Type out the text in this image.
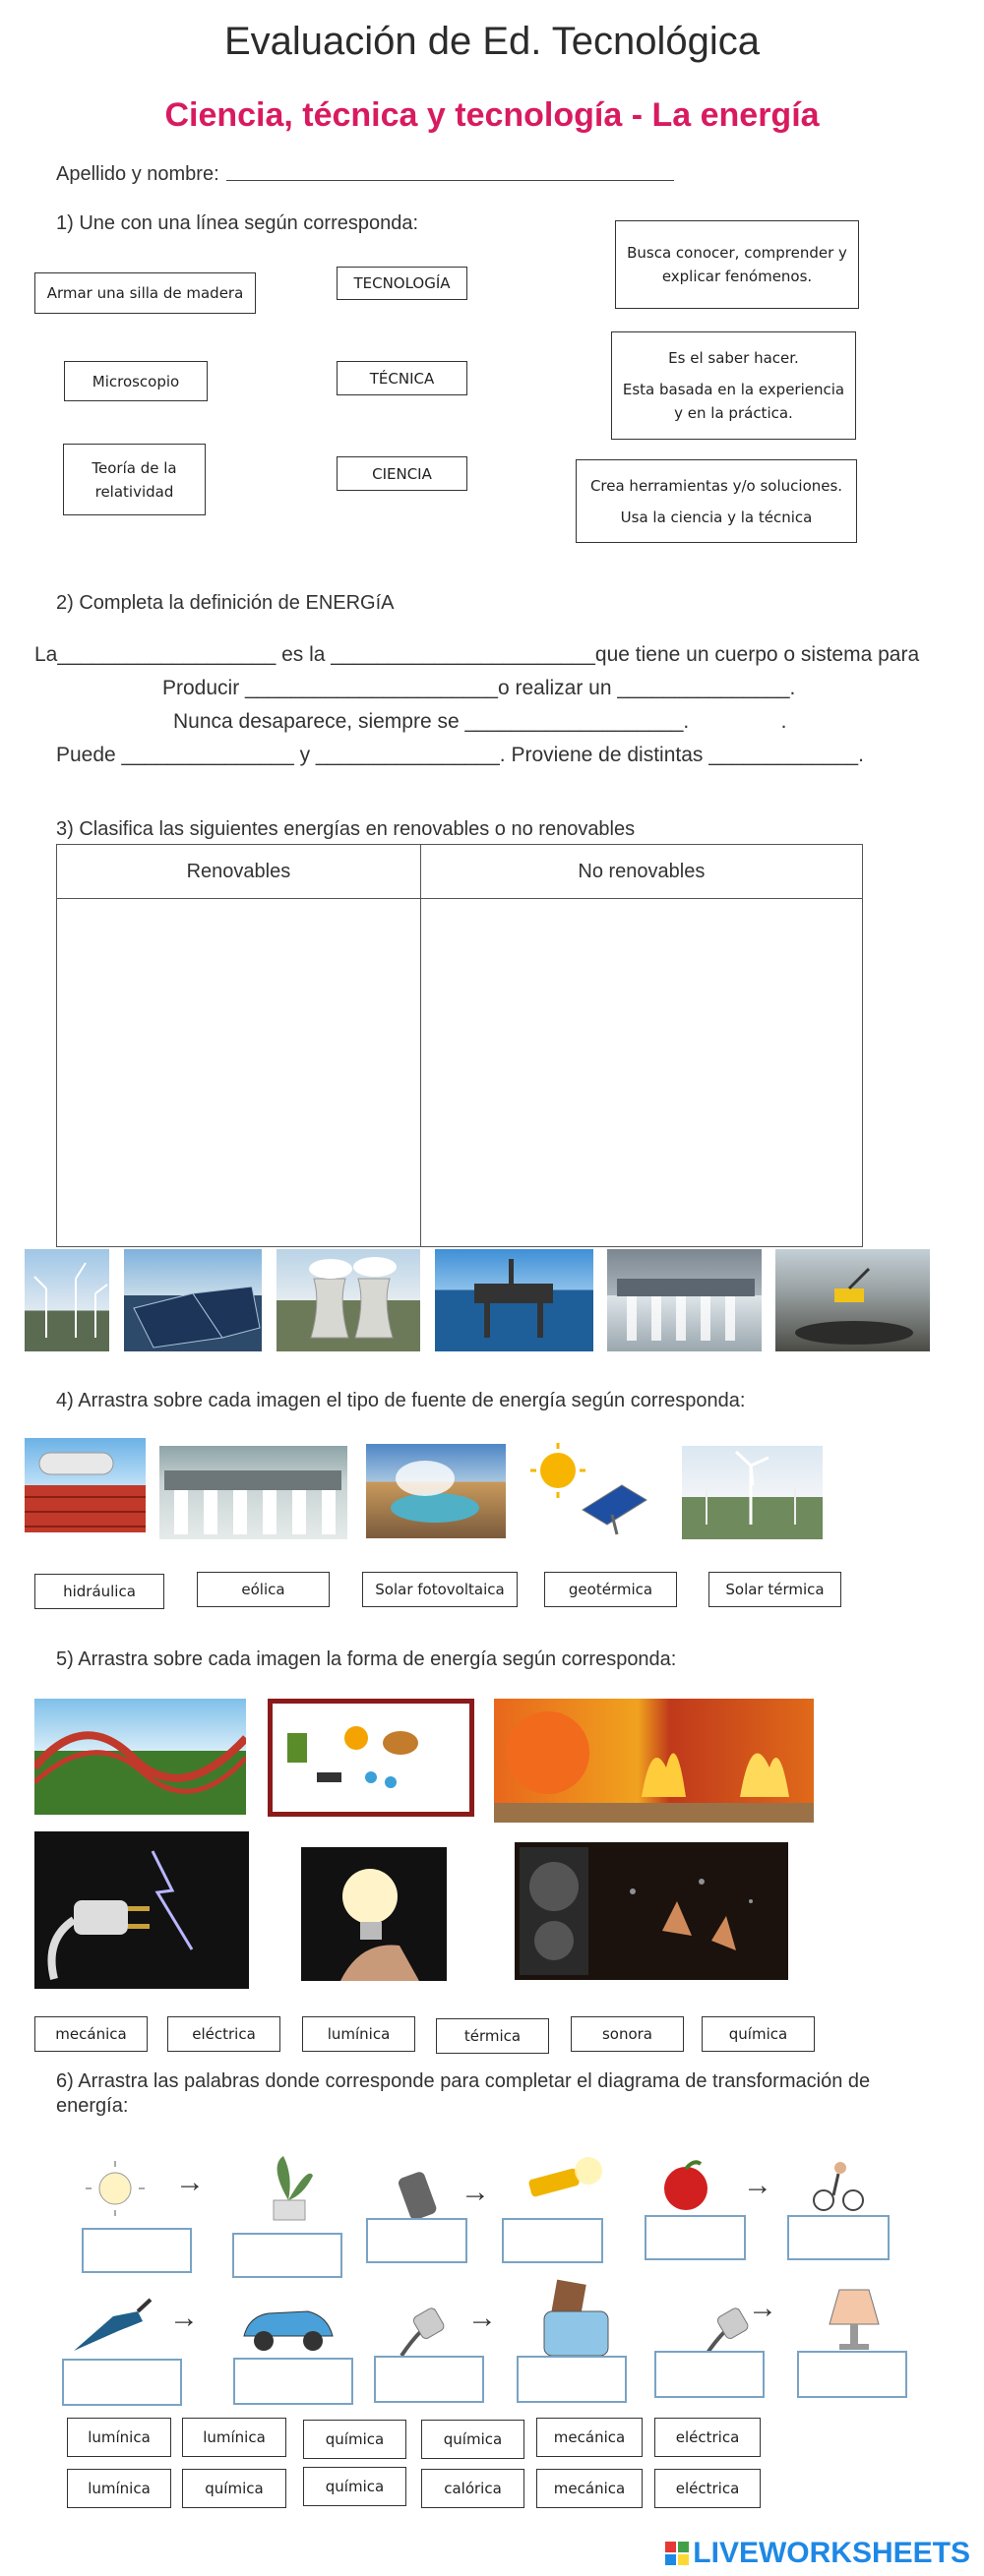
Evaluación de Ed. Tecnológica
Ciencia, técnica y tecnología - La energía
Apellido y nombre:
1) Une con una línea según corresponda:
Armar una silla de madera
Microscopio
Teoría de la relatividad
TECNOLOGÍA
TÉCNICA
CIENCIA
Busca conocer, comprender y explicar fenómenos.
Es el saber hacer.
Esta basada en la experiencia y en la práctica.
Crea herramientas y/o soluciones.
Usa la ciencia y la técnica
2) Completa la definición de ENERGíA
La___________________ es la _______________________que tiene un cuerpo o sistema para
Producir ______________________o realizar un _______________.
Nunca desaparece, siempre se ___________________.                .
Puede _______________ y ________________. Proviene de distintas _____________.
3) Clasifica las siguientes energías en renovables o no renovables
Renovables	No renovables

4) Arrastra sobre cada imagen el tipo de fuente de energía según corresponda:
hidráulica	eólica	Solar fotovoltaica	geotérmica	Solar térmica
5) Arrastra sobre cada imagen la forma de energía según corresponda:
mecánica	eléctrica	lumínica	térmica	sonora	química
6) Arrastra las palabras donde corresponde para completar el diagrama de transformación de energía:
→	→	→
→	→	→
lumínica	lumínica	química	química	mecánica	eléctrica
lumínica	química	química	calórica	mecánica	eléctrica
LIVEWORKSHEETS
